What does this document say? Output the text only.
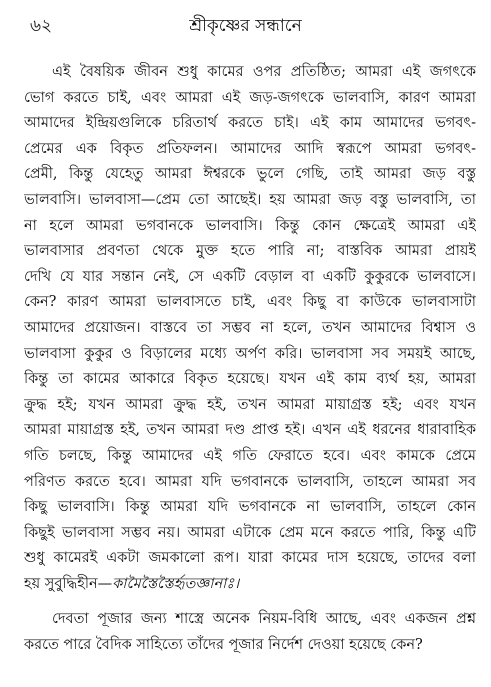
৬২	শ্রীকৃষ্ণের সন্ধানে
এই বৈষয়িক জীবন শুধু কামের ওপর প্রতিষ্ঠিত; আমরা এই জগৎকে
ভোগ করতে চাই, এবং আমরা এই জড়-জগৎকে ভালবাসি, কারণ আমরা
আমাদের ইন্দ্রিয়গুলিকে চরিতার্থ করতে চাই। এই কাম আমাদের ভগবৎ-
প্রেমের এক বিকৃত প্রতিফলন। আমাদের আদি স্বরূপে আমরা ভগবৎ-
প্রেমী, কিন্তু যেহেতু আমরা ঈশ্বরকে ভুলে গেছি, তাই আমরা জড় বস্তু
ভালবাসি। ভালবাসা—প্রেম তো আছেই। হয় আমরা জড় বস্তু ভালবাসি, তা
না হলে আমরা ভগবানকে ভালবাসি। কিন্তু কোন ক্ষেত্রেই আমরা এই
ভালবাসার প্রবণতা থেকে মুক্ত হতে পারি না; বাস্তবিক আমরা প্রায়ই
দেখি যে যার সন্তান নেই, সে একটি বেড়াল বা একটি কুকুরকে ভালবাসে।
কেন? কারণ আমরা ভালবাসতে চাই, এবং কিছু বা কাউকে ভালবাসাটা
আমাদের প্রয়োজন। বাস্তবে তা সম্ভব না হলে, তখন আমাদের বিশ্বাস ও
ভালবাসা কুকুর ও বিড়ালের মধ্যে অর্পণ করি। ভালবাসা সব সময়ই আছে,
কিন্তু তা কামের আকারে বিকৃত হয়েছে। যখন এই কাম ব্যর্থ হয়, আমরা
ক্রুদ্ধ হই; যখন আমরা ক্রুদ্ধ হই, তখন আমরা মায়াগ্রস্ত হই; এবং যখন
আমরা মায়াগ্রস্ত হই, তখন আমরা দণ্ড প্রাপ্ত হই। এখন এই ধরনের ধারাবাহিক
গতি চলছে, কিন্তু আমাদের এই গতি ফেরাতে হবে। এবং কামকে প্রেমে
পরিণত করতে হবে। আমরা যদি ভগবানকে ভালবাসি, তাহলে আমরা সব
কিছু ভালবাসি। কিন্তু আমরা যদি ভগবানকে না ভালবাসি, তাহলে কোন
কিছুই ভালবাসা সম্ভব নয়। আমরা এটাকে প্রেম মনে করতে পারি, কিন্তু এটি
শুধু কামেরই একটা জমকালো রূপ। যারা কামের দাস হয়েছে, তাদের বলা
হয় সুবুদ্ধিহীন—কামৈস্তৈস্তৈর্হৃতজ্ঞানাঃ।
দেবতা পূজার জন্য শাস্ত্রে অনেক নিয়ম-বিধি আছে, এবং একজন প্রশ্ন
করতে পারে বৈদিক সাহিত্যে তাঁদের পূজার নির্দেশ দেওয়া হয়েছে কেন?
